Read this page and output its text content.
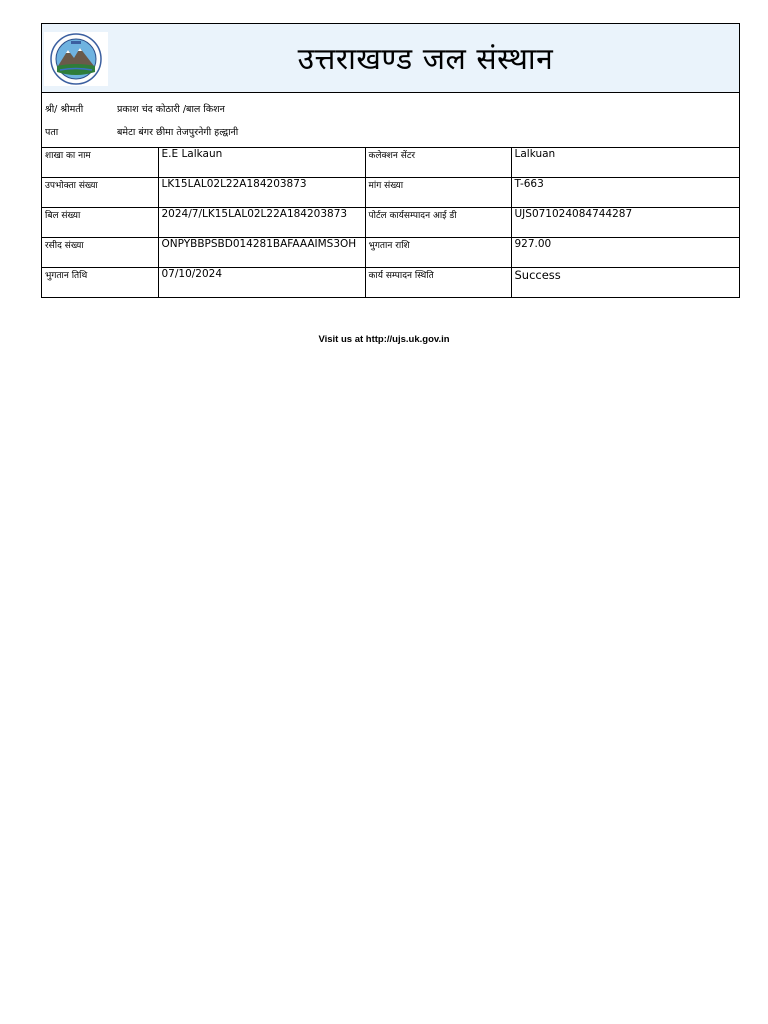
उत्तराखण्ड जल संस्थान
श्री/ श्रीमती	प्रकाश चंद कोठारी /बाल किशन
पता	बमेटा बंगर छीमा तेजपुरनेगी हल्द्वानी
शाखा का नाम	E.E Lalkaun	कलेक्शन सेंटर	Lalkuan
उपभोक्ता संख्या	LK15LAL02L22A184203873	मांग संख्या	T-663
बिल संख्या	2024/7/LK15LAL02L22A184203873	पोर्टल कार्यसम्पादन आई डी	UJS071024084744287
रसीद संख्या	ONPYBBPSBD014281BAFAAAIMS3OH	भुगतान राशि	927.00
भुगतान तिथि	07/10/2024	कार्य सम्पादन स्थिति	Success
Visit us at http://ujs.uk.gov.in
